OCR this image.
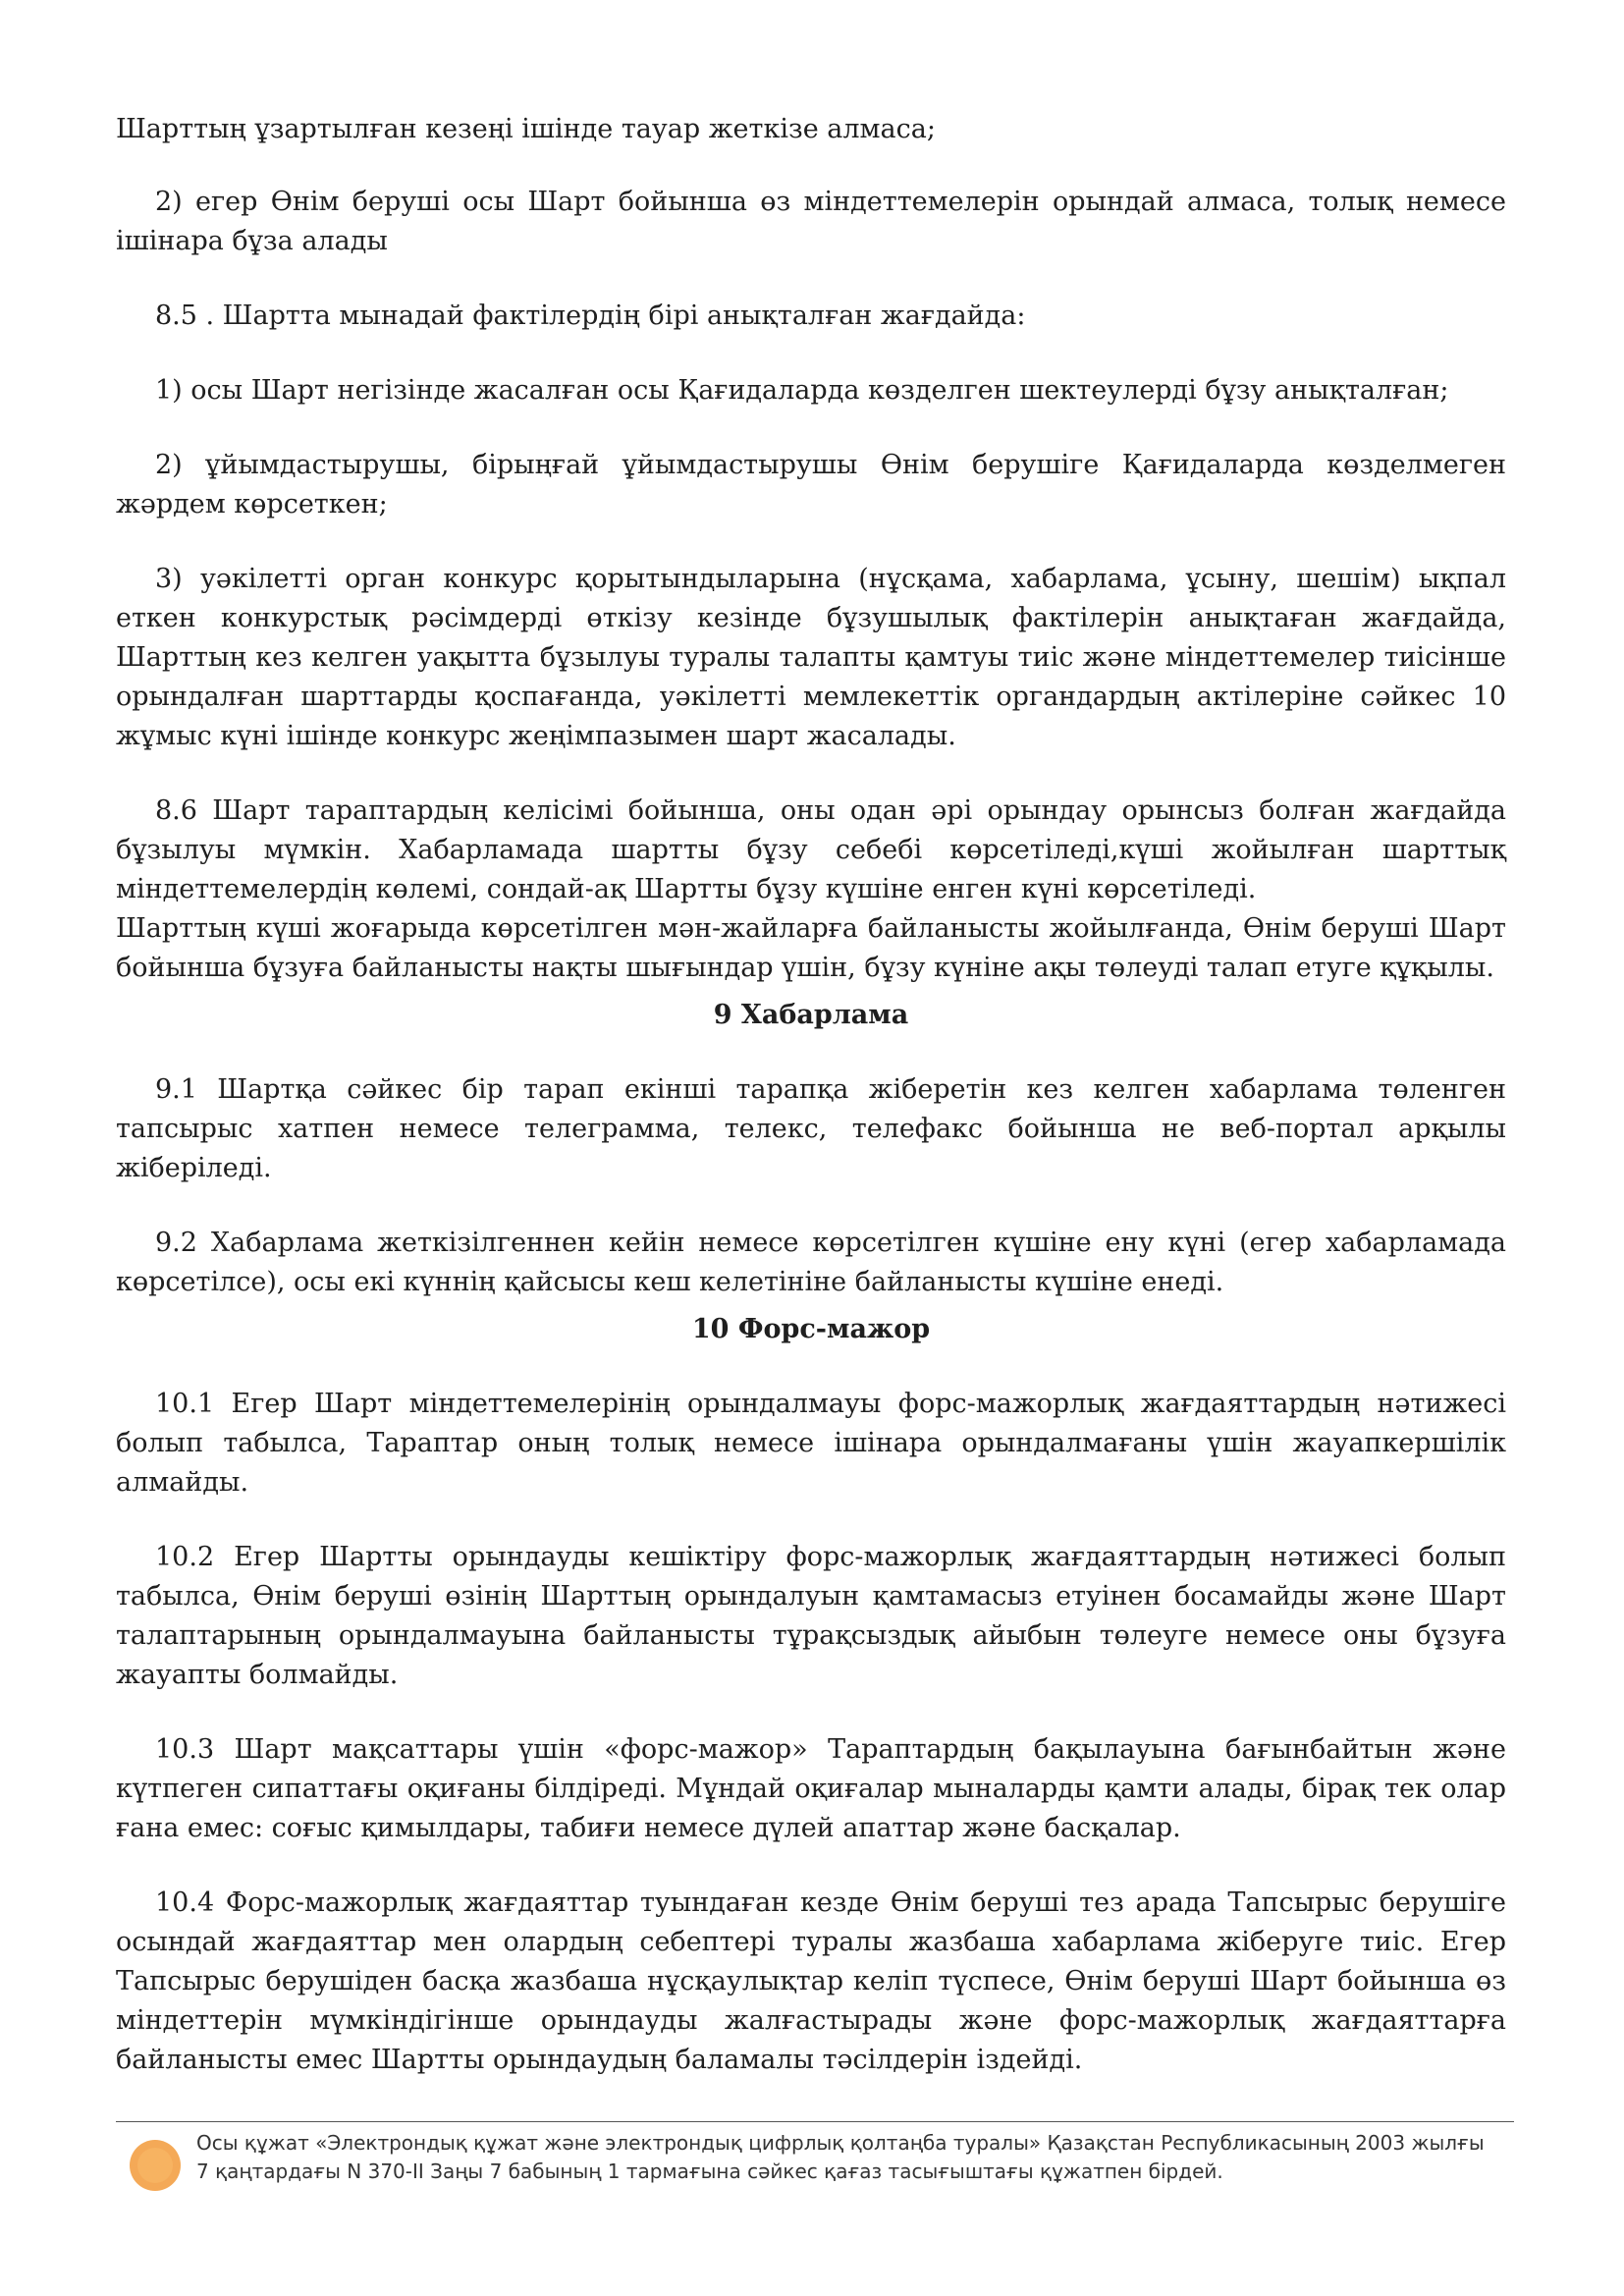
Шарттың ұзартылған кезеңі ішінде тауар жеткізе алмаса;

2) егер Өнім беруші осы Шарт бойынша өз міндеттемелерін орындай алмаса, толық немесе ішінара бұза алады

8.5 . Шартта мынадай фактілердің бірі анықталған жағдайда:

1) осы Шарт негізінде жасалған осы Қағидаларда көзделген шектеулерді бұзу анықталған;

2) ұйымдастырушы, бірыңғай ұйымдастырушы Өнім берушіге Қағидаларда көзделмеген жәрдем көрсеткен;

3) уәкілетті орган конкурс қорытындыларына (нұсқама, хабарлама, ұсыну, шешім) ықпал еткен конкурстық рәсімдерді өткізу кезінде бұзушылық фактілерін анықтаған жағдайда, Шарттың кез келген уақытта бұзылуы туралы талапты қамтуы тиіс және міндеттемелер тиісінше орындалған шарттарды қоспағанда, уәкілетті мемлекеттік органдардың актілеріне сәйкес 10 жұмыс күні ішінде конкурс жеңімпазымен шарт жасалады.

8.6 Шарт тараптардың келісімі бойынша, оны одан әрі орындау орынсыз болған жағдайда бұзылуы мүмкін. Хабарламада шартты бұзу себебі көрсетіледі,күші жойылған шарттық міндеттемелердің көлемі, сондай-ақ Шартты бұзу күшіне енген күні көрсетіледі.

Шарттың күші жоғарыда көрсетілген мән-жайларға байланысты жойылғанда, Өнім беруші Шарт бойынша бұзуға байланысты нақты шығындар үшін, бұзу күніне ақы төлеуді талап етуге құқылы.

9 Хабарлама

9.1 Шартқа сәйкес бір тарап екінші тарапқа жіберетін кез келген хабарлама төленген тапсырыс хатпен немесе телеграмма, телекс, телефакс бойынша не веб-портал арқылы жіберіледі.

9.2 Хабарлама жеткізілгеннен кейін немесе көрсетілген күшіне ену күні (егер хабарламада көрсетілсе), осы екі күннің қайсысы кеш келетініне байланысты күшіне енеді.

10 Форс-мажор

10.1 Егер Шарт міндеттемелерінің орындалмауы форс-мажорлық жағдаяттардың нәтижесі болып табылса, Тараптар оның толық немесе ішінара орындалмағаны үшін жауапкершілік алмайды.

10.2 Егер Шартты орындауды кешіктіру форс-мажорлық жағдаяттардың нәтижесі болып табылса, Өнім беруші өзінің Шарттың орындалуын қамтамасыз етуінен босамайды және Шарт талаптарының орындалмауына байланысты тұрақсыздық айыбын төлеуге немесе оны бұзуға жауапты болмайды.

10.3 Шарт мақсаттары үшін «форс-мажор» Тараптардың бақылауына бағынбайтын және күтпеген сипаттағы оқиғаны білдіреді. Мұндай оқиғалар мыналарды қамти алады, бірақ тек олар ғана емес: соғыс қимылдары, табиғи немесе дүлей апаттар және басқалар.

10.4 Форс-мажорлық жағдаяттар туындаған кезде Өнім беруші тез арада Тапсырыс берушіге осындай жағдаяттар мен олардың себептері туралы жазбаша хабарлама жіберуге тиіс. Егер Тапсырыс берушіден басқа жазбаша нұсқаулықтар келіп түспесе, Өнім беруші Шарт бойынша өз міндеттерін мүмкіндігінше орындауды жалғастырады және форс-мажорлық жағдаяттарға байланысты емес Шартты орындаудың баламалы тәсілдерін іздейді.

Осы құжат «Электрондық құжат және электрондық цифрлық қолтаңба туралы» Қазақстан Республикасының 2003 жылғы 7 қаңтардағы N 370-II Заңы 7 бабының 1 тармағына сәйкес қағаз тасығыштағы құжатпен бірдей.
